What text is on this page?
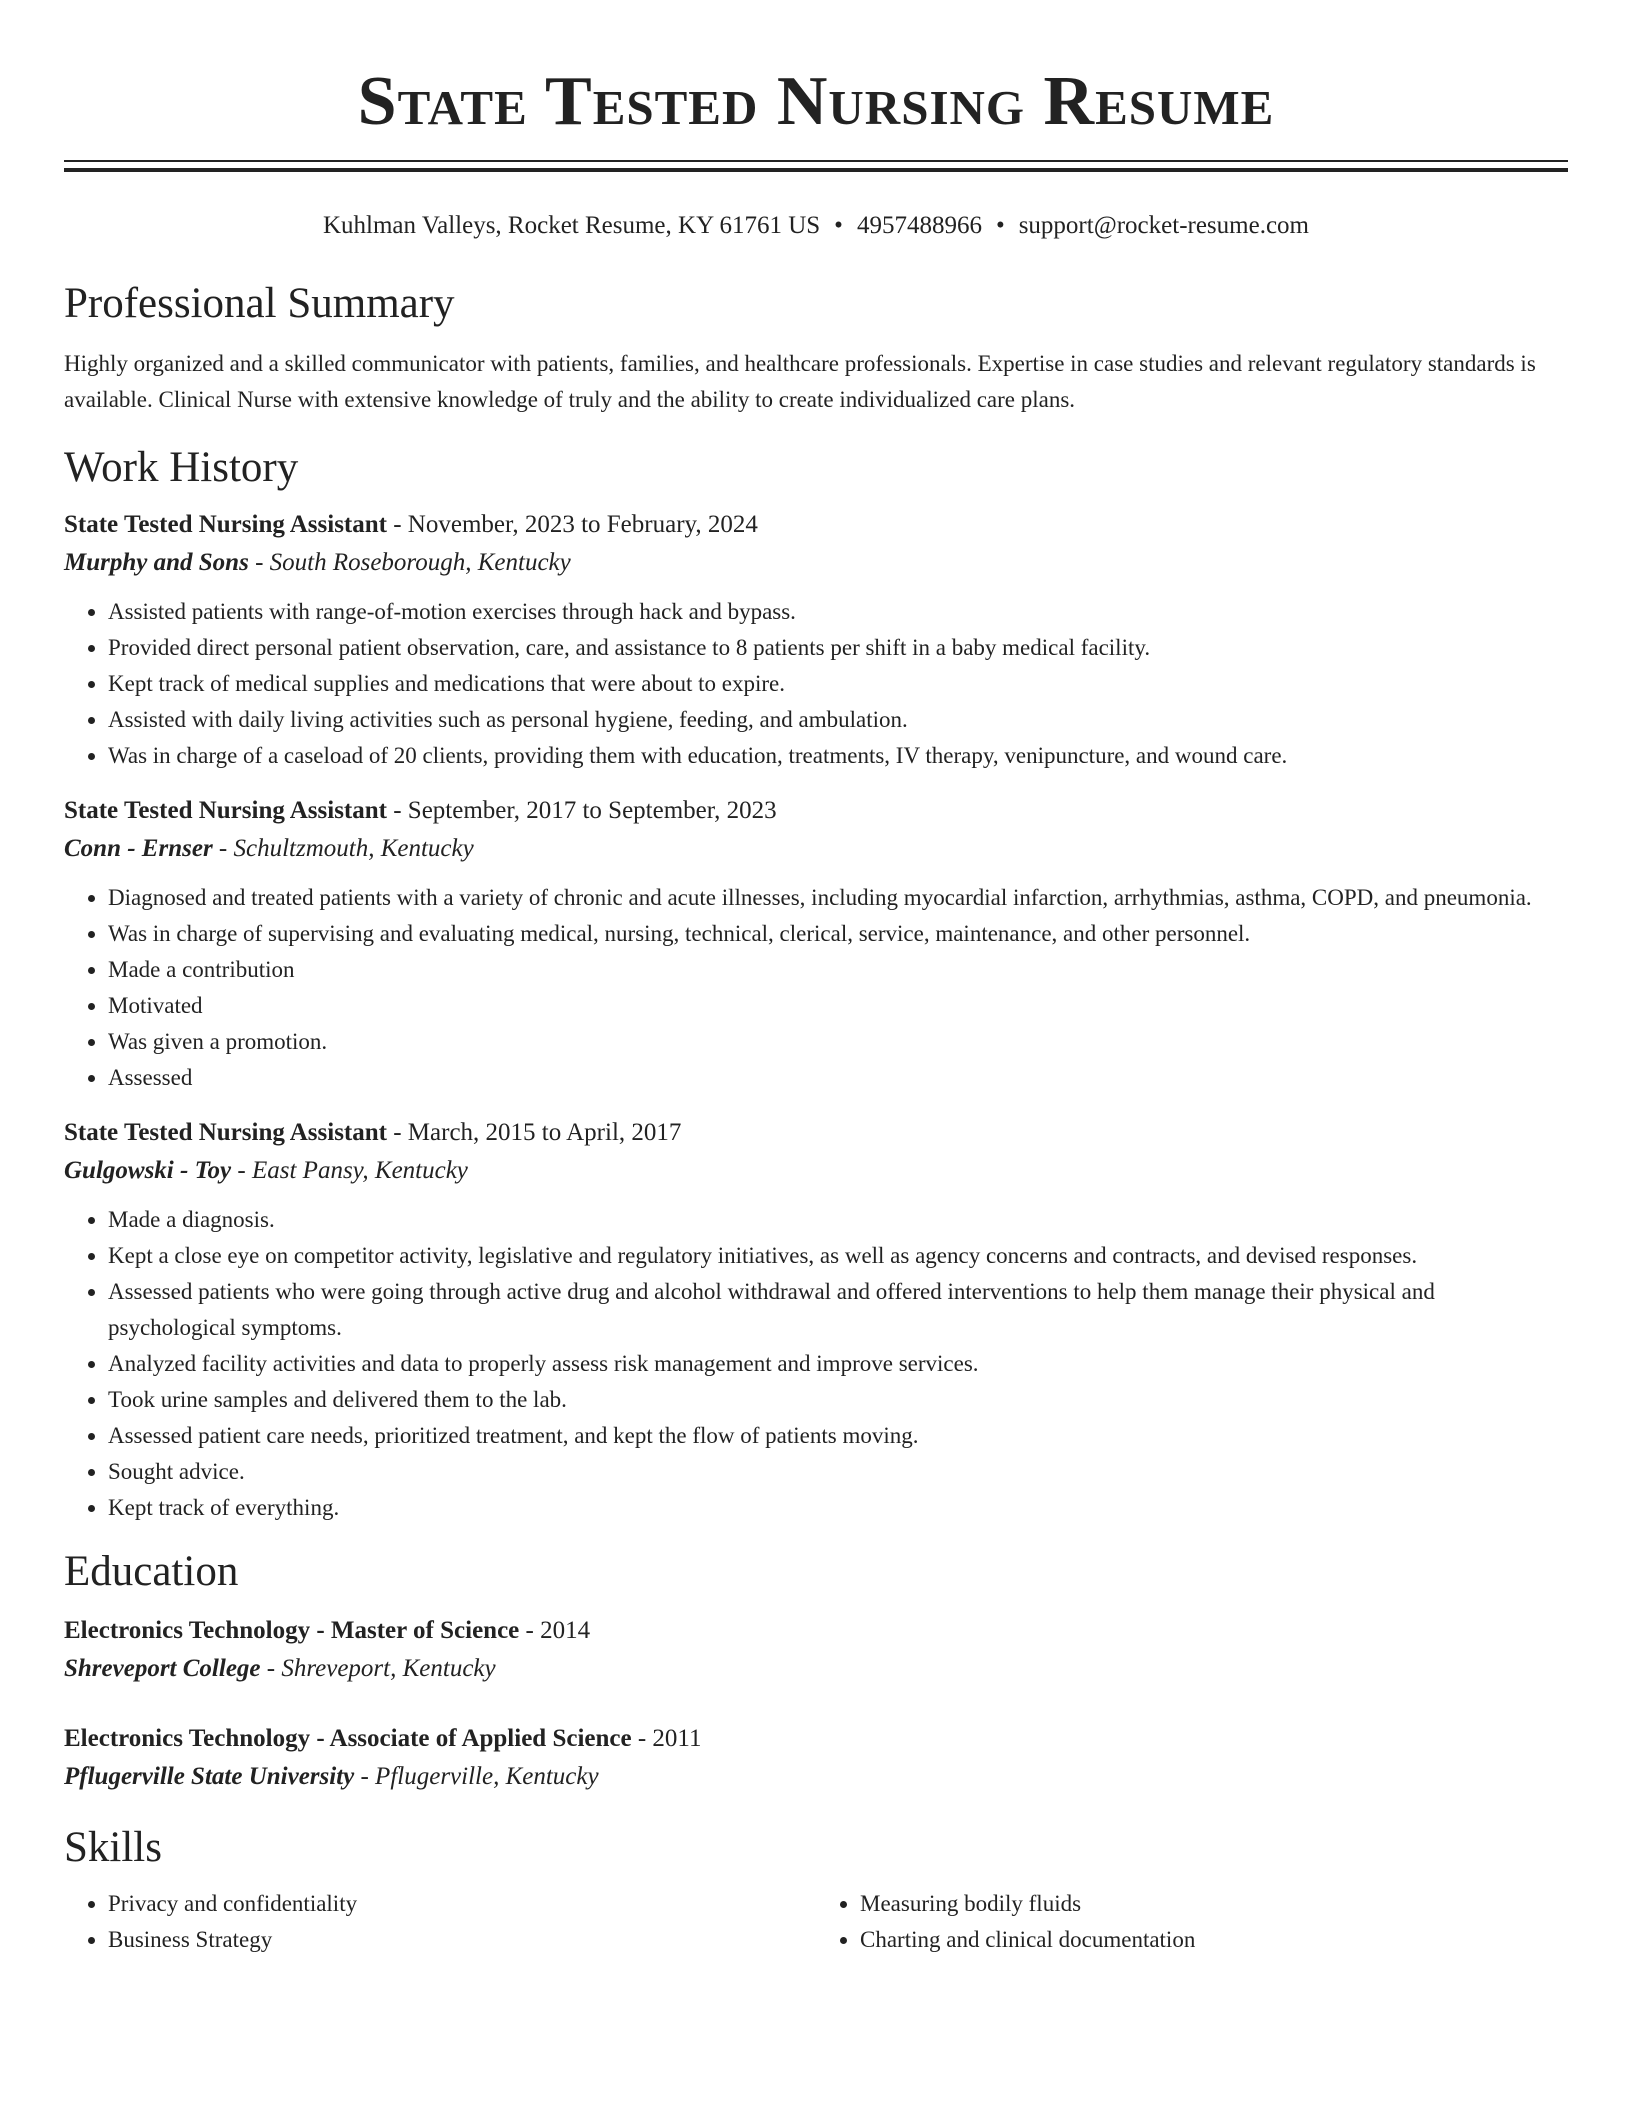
State Tested Nursing Resume
Kuhlman Valleys, Rocket Resume, KY 61761 US • 4957488966 • support@rocket-resume.com
Professional Summary
Highly organized and a skilled communicator with patients, families, and healthcare professionals. Expertise in case studies and relevant regulatory standards is available. Clinical Nurse with extensive knowledge of truly and the ability to create individualized care plans.
Work History
State Tested Nursing Assistant - November, 2023 to February, 2024
Murphy and Sons - South Roseborough, Kentucky
• Assisted patients with range-of-motion exercises through hack and bypass.
• Provided direct personal patient observation, care, and assistance to 8 patients per shift in a baby medical facility.
• Kept track of medical supplies and medications that were about to expire.
• Assisted with daily living activities such as personal hygiene, feeding, and ambulation.
• Was in charge of a caseload of 20 clients, providing them with education, treatments, IV therapy, venipuncture, and wound care.
State Tested Nursing Assistant - September, 2017 to September, 2023
Conn - Ernser - Schultzmouth, Kentucky
• Diagnosed and treated patients with a variety of chronic and acute illnesses, including myocardial infarction, arrhythmias, asthma, COPD, and pneumonia.
• Was in charge of supervising and evaluating medical, nursing, technical, clerical, service, maintenance, and other personnel.
• Made a contribution
• Motivated
• Was given a promotion.
• Assessed
State Tested Nursing Assistant - March, 2015 to April, 2017
Gulgowski - Toy - East Pansy, Kentucky
• Made a diagnosis.
• Kept a close eye on competitor activity, legislative and regulatory initiatives, as well as agency concerns and contracts, and devised responses.
• Assessed patients who were going through active drug and alcohol withdrawal and offered interventions to help them manage their physical and psychological symptoms.
• Analyzed facility activities and data to properly assess risk management and improve services.
• Took urine samples and delivered them to the lab.
• Assessed patient care needs, prioritized treatment, and kept the flow of patients moving.
• Sought advice.
• Kept track of everything.
Education
Electronics Technology - Master of Science - 2014
Shreveport College - Shreveport, Kentucky
Electronics Technology - Associate of Applied Science - 2011
Pflugerville State University - Pflugerville, Kentucky
Skills
• Privacy and confidentiality
• Business Strategy
• Measuring bodily fluids
• Charting and clinical documentation
